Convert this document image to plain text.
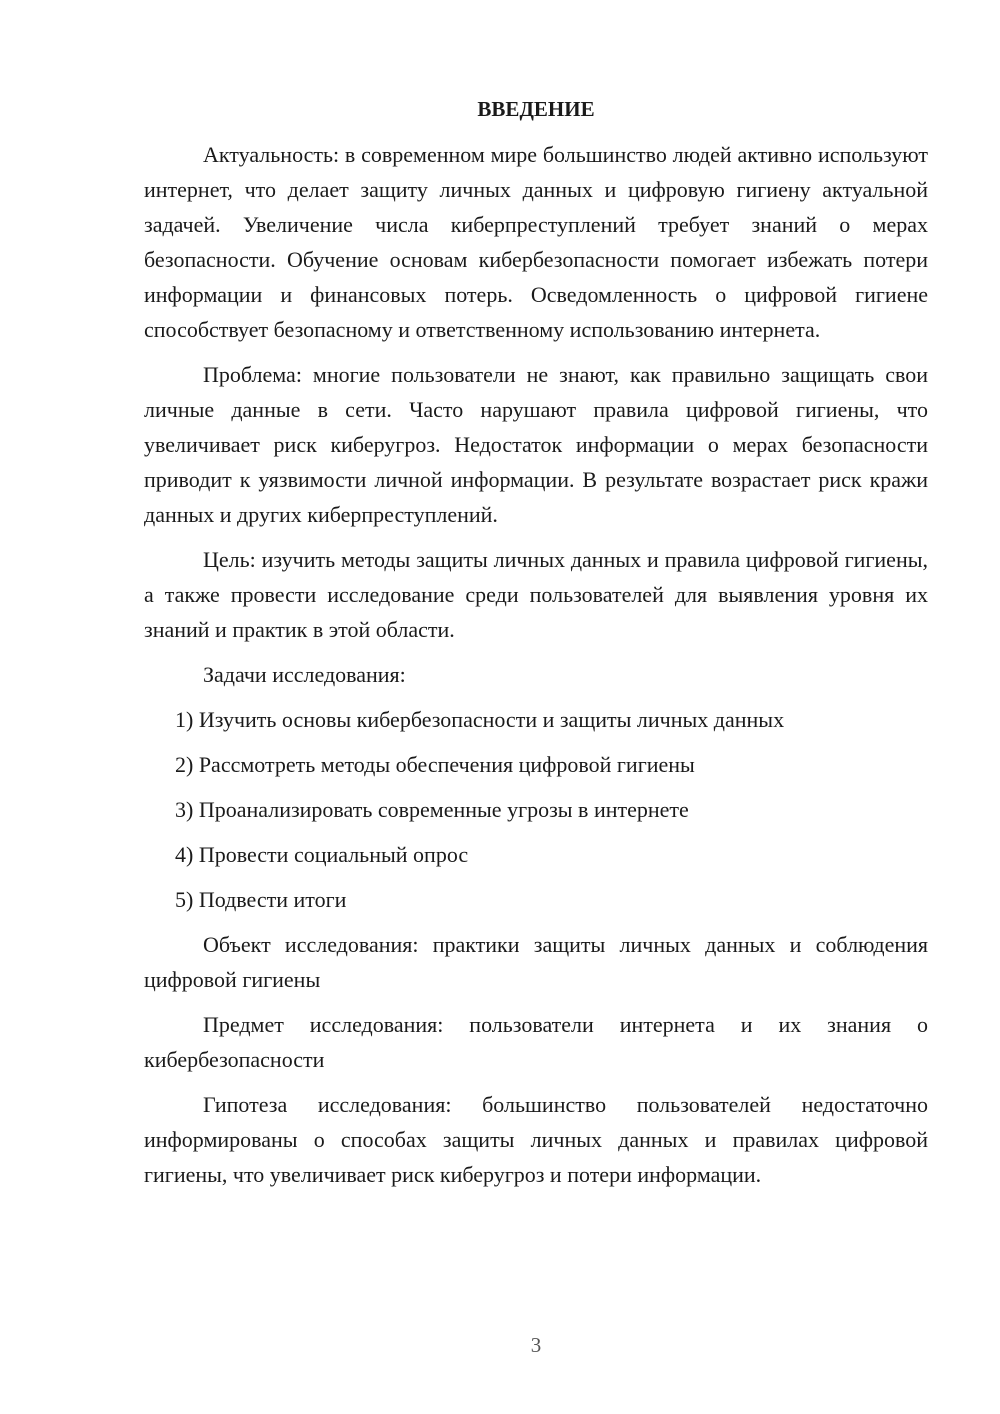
ВВЕДЕНИЕ

Актуальность: в современном мире большинство людей активно используют интернет, что делает защиту личных данных и цифровую гигиену актуальной задачей. Увеличение числа киберпреступлений требует знаний о мерах безопасности. Обучение основам кибербезопасности помогает избежать потери информации и финансовых потерь. Осведомленность о цифровой гигиене способствует безопасному и ответственному использованию интернета.

Проблема: многие пользователи не знают, как правильно защищать свои личные данные в сети. Часто нарушают правила цифровой гигиены, что увеличивает риск киберугроз. Недостаток информации о мерах безопасности приводит к уязвимости личной информации. В результате возрастает риск кражи данных и других киберпреступлений.

Цель: изучить методы защиты личных данных и правила цифровой гигиены, а также провести исследование среди пользователей для выявления уровня их знаний и практик в этой области.

Задачи исследования:

1) Изучить основы кибербезопасности и защиты личных данных
2) Рассмотреть методы обеспечения цифровой гигиены
3) Проанализировать современные угрозы в интернете
4) Провести социальный опрос
5) Подвести итоги

Объект исследования: практики защиты личных данных и соблюдения цифровой гигиены

Предмет исследования: пользователи интернета и их знания о кибербезопасности

Гипотеза исследования: большинство пользователей недостаточно информированы о способах защиты личных данных и правилах цифровой гигиены, что увеличивает риск киберугроз и потери информации.

3
